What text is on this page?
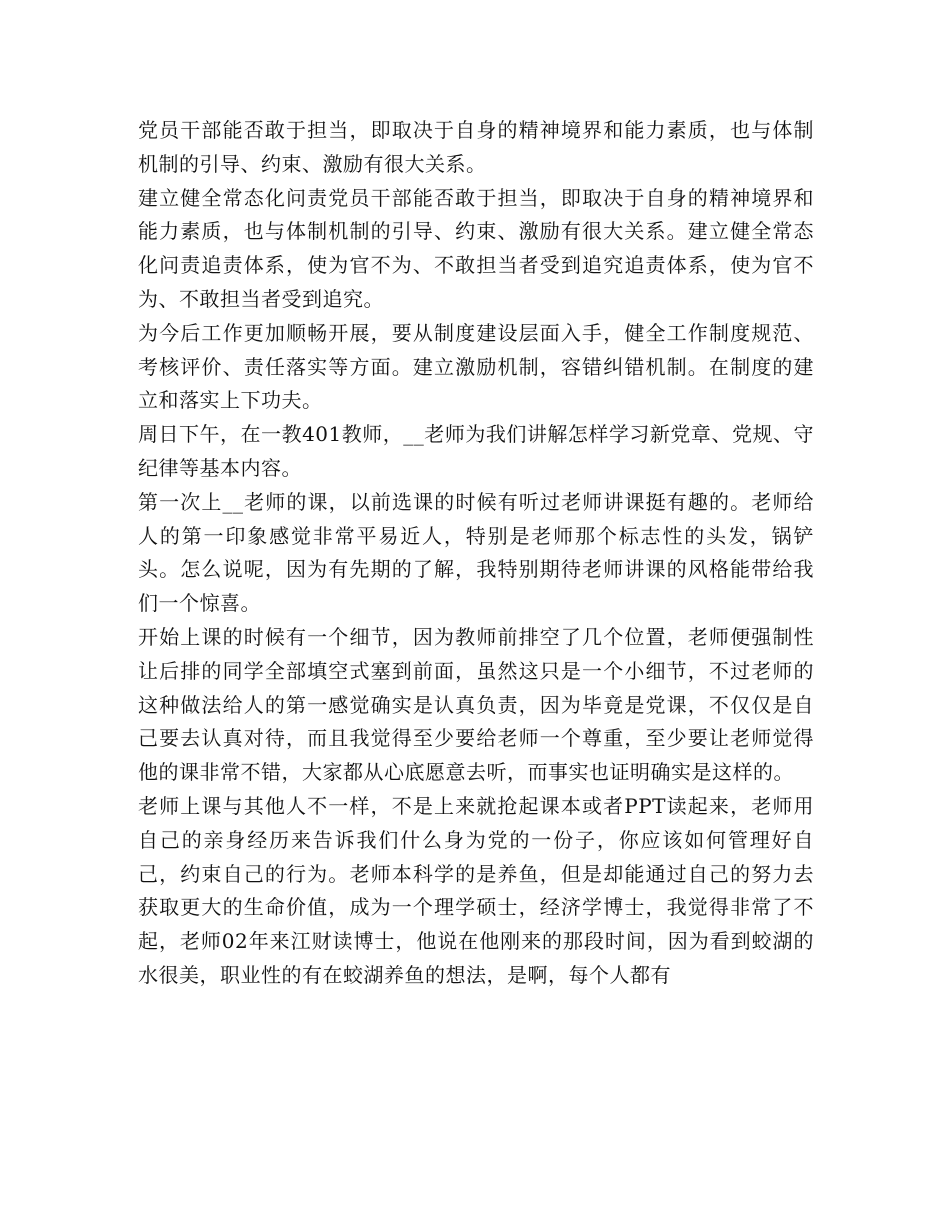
党员干部能否敢于担当，即取决于自身的精神境界和能力素质，也与体制机制的引导、约束、激励有很大关系。

建立健全常态化问责党员干部能否敢于担当，即取决于自身的精神境界和能力素质，也与体制机制的引导、约束、激励有很大关系。建立健全常态化问责追责体系，使为官不为、不敢担当者受到追究追责体系，使为官不为、不敢担当者受到追究。

为今后工作更加顺畅开展，要从制度建设层面入手，健全工作制度规范、考核评价、责任落实等方面。建立激励机制，容错纠错机制。在制度的建立和落实上下功夫。

周日下午，在一教401教师，__老师为我们讲解怎样学习新党章、党规、守纪律等基本内容。

第一次上__老师的课，以前选课的时候有听过老师讲课挺有趣的。老师给人的第一印象感觉非常平易近人，特别是老师那个标志性的头发，锅铲头。怎么说呢，因为有先期的了解，我特别期待老师讲课的风格能带给我们一个惊喜。

开始上课的时候有一个细节，因为教师前排空了几个位置，老师便强制性让后排的同学全部填空式塞到前面，虽然这只是一个小细节，不过老师的这种做法给人的第一感觉确实是认真负责，因为毕竟是党课，不仅仅是自己要去认真对待，而且我觉得至少要给老师一个尊重，至少要让老师觉得他的课非常不错，大家都从心底愿意去听，而事实也证明确实是这样的。

老师上课与其他人不一样，不是上来就抢起课本或者PPT读起来，老师用自己的亲身经历来告诉我们什么身为党的一份子，你应该如何管理好自己，约束自己的行为。老师本科学的是养鱼，但是却能通过自己的努力去获取更大的生命价值，成为一个理学硕士，经济学博士，我觉得非常了不起，老师02年来江财读博士，他说在他刚来的那段时间，因为看到蛟湖的水很美，职业性的有在蛟湖养鱼的想法，是啊，每个人都有
